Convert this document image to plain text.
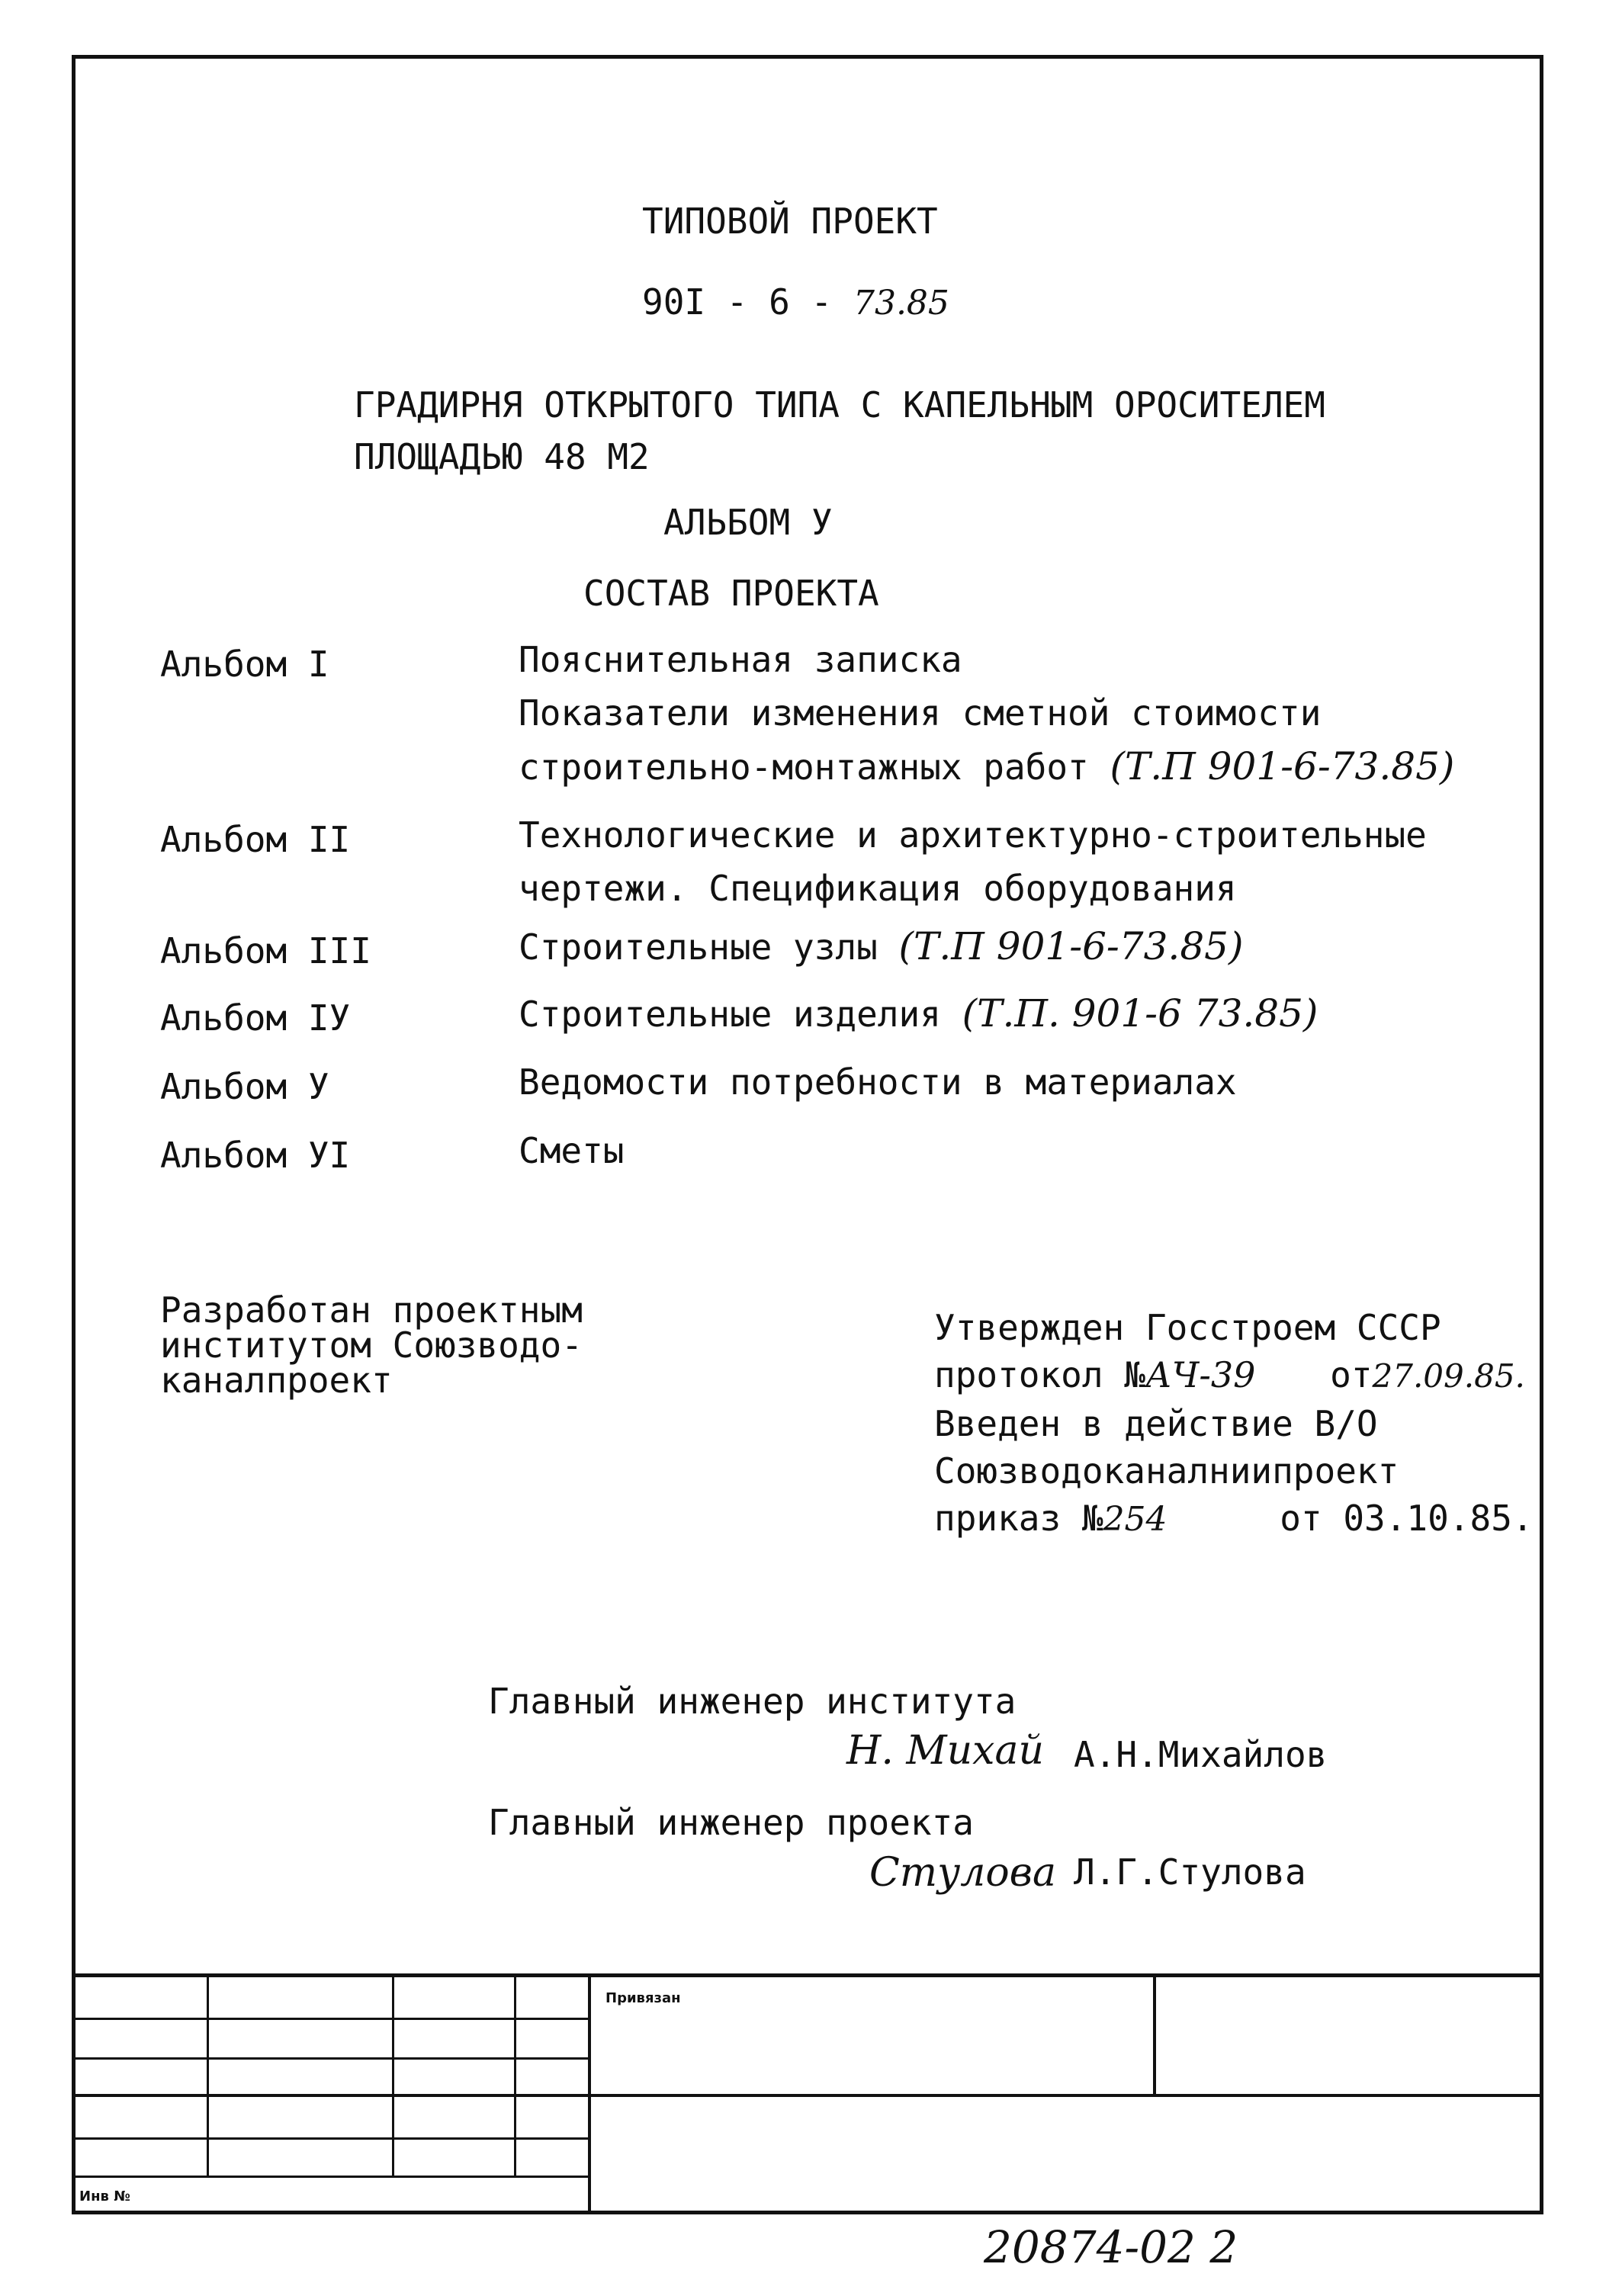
ТИПОВОЙ ПРОЕКТ
90I - 6 - 73.85
ГРАДИРНЯ ОТКРЫТОГО ТИПА С КАПЕЛЬНЫМ ОРОСИТЕЛЕМ
ПЛОЩАДЬЮ 48 М2
АЛЬБОМ У
СОСТАВ ПРОЕКТА
Альбом I	Пояснительная записка
Показатели изменения сметной стоимости
строительно-монтажных работ (Т.П 901-6-73.85)
Альбом II	Технологические и архитектурно-строительные
чертежи. Спецификация оборудования
Альбом III	Строительные узлы (Т.П 901-6-73.85)
Альбом IУ	Строительные изделия (Т.П. 901-6 73.85)
Альбом У	Ведомости потребности в материалах
Альбом УI	Сметы
Разработан проектным
институтом Союзводо-
каналпроект
Утвержден Госстроем СССР
протокол №АЧ-39 от27.09.85.
Введен в действие В/О
Союзводоканалниипроект
приказ №254	от 03.10.85.
Главный инженер института
Н. Михай А.Н.Михайлов
Главный инженер проекта
Стулова Л.Г.Стулова
Привязан
Инв №
20874-02 2
